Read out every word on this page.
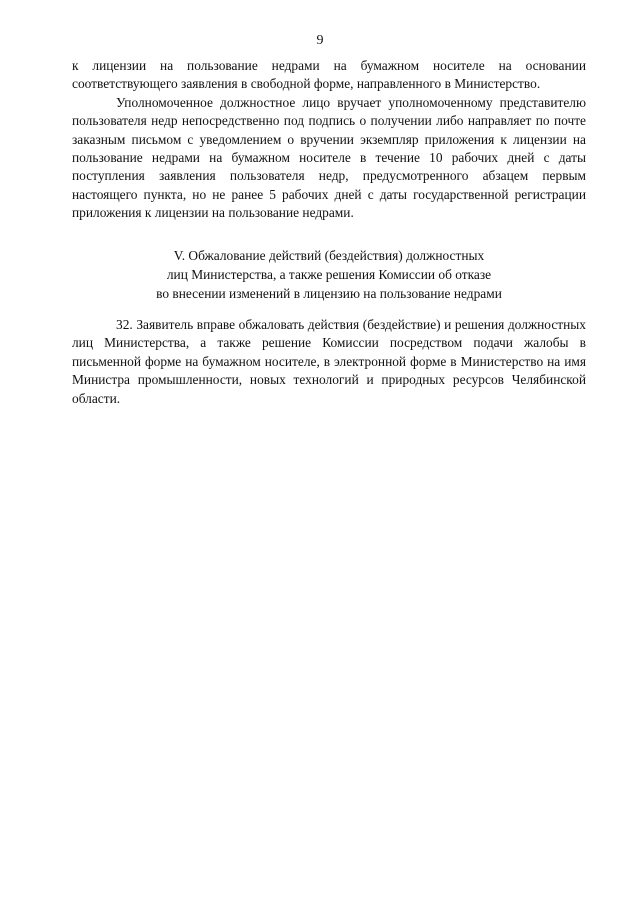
9

к лицензии на пользование недрами на бумажном носителе на основании соответствующего заявления в свободной форме, направленного в Министерство.

Уполномоченное должностное лицо вручает уполномоченному представителю пользователя недр непосредственно под подпись о получении либо направляет по почте заказным письмом с уведомлением о вручении экземпляр приложения к лицензии на пользование недрами на бумажном носителе в течение 10 рабочих дней с даты поступления заявления пользователя недр, предусмотренного абзацем первым настоящего пункта, но не ранее 5 рабочих дней с даты государственной регистрации приложения к лицензии на пользование недрами.

V. Обжалование действий (бездействия) должностных
лиц Министерства, а также решения Комиссии об отказе
во внесении изменений в лицензию на пользование недрами

32. Заявитель вправе обжаловать действия (бездействие) и решения должностных лиц Министерства, а также решение Комиссии посредством подачи жалобы в письменной форме на бумажном носителе, в электронной форме в Министерство на имя Министра промышленности, новых технологий и природных ресурсов Челябинской области.
